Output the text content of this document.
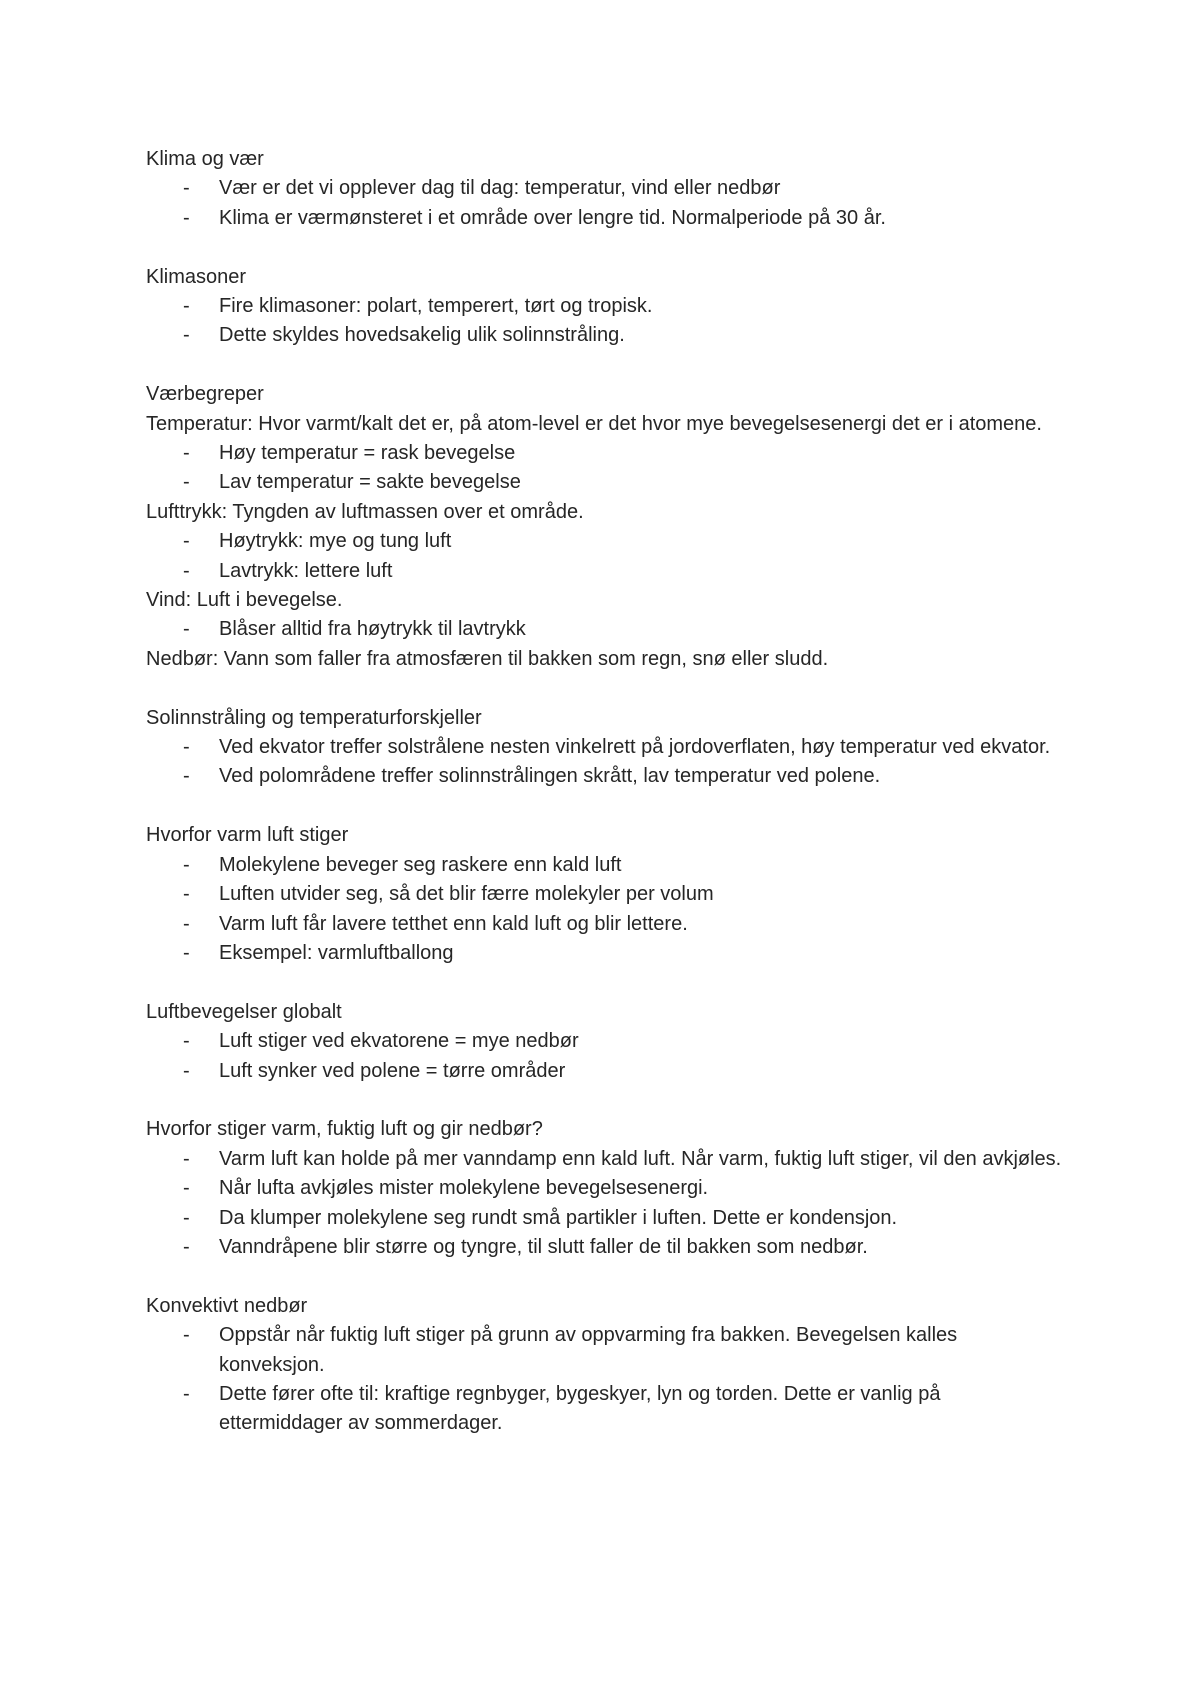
Klima og vær

- Vær er det vi opplever dag til dag: temperatur, vind eller nedbør
- Klima er værmønsteret i et område over lengre tid. Normalperiode på 30 år.

Klimasoner

- Fire klimasoner: polart, temperert, tørt og tropisk.
- Dette skyldes hovedsakelig ulik solinnstråling.

Værbegreper

Temperatur: Hvor varmt/kalt det er, på atom-level er det hvor mye bevegelsesenergi det er i atomene.

- Høy temperatur = rask bevegelse
- Lav temperatur = sakte bevegelse

Lufttrykk: Tyngden av luftmassen over et område.

- Høytrykk: mye og tung luft
- Lavtrykk: lettere luft

Vind: Luft i bevegelse.

- Blåser alltid fra høytrykk til lavtrykk

Nedbør: Vann som faller fra atmosfæren til bakken som regn, snø eller sludd.

Solinnstråling og temperaturforskjeller

- Ved ekvator treffer solstrålene nesten vinkelrett på jordoverflaten, høy temperatur ved ekvator.
- Ved polområdene treffer solinnstrålingen skrått, lav temperatur ved polene.

Hvorfor varm luft stiger

- Molekylene beveger seg raskere enn kald luft
- Luften utvider seg, så det blir færre molekyler per volum
- Varm luft får lavere tetthet enn kald luft og blir lettere.
- Eksempel: varmluftballong

Luftbevegelser globalt

- Luft stiger ved ekvatorene = mye nedbør
- Luft synker ved polene = tørre områder

Hvorfor stiger varm, fuktig luft og gir nedbør?

- Varm luft kan holde på mer vanndamp enn kald luft. Når varm, fuktig luft stiger, vil den avkjøles.
- Når lufta avkjøles mister molekylene bevegelsesenergi.
- Da klumper molekylene seg rundt små partikler i luften. Dette er kondensjon.
- Vanndråpene blir større og tyngre, til slutt faller de til bakken som nedbør.

Konvektivt nedbør

- Oppstår når fuktig luft stiger på grunn av oppvarming fra bakken. Bevegelsen kalles konveksjon.
- Dette fører ofte til: kraftige regnbyger, bygeskyer, lyn og torden. Dette er vanlig på ettermiddager av sommerdager.
